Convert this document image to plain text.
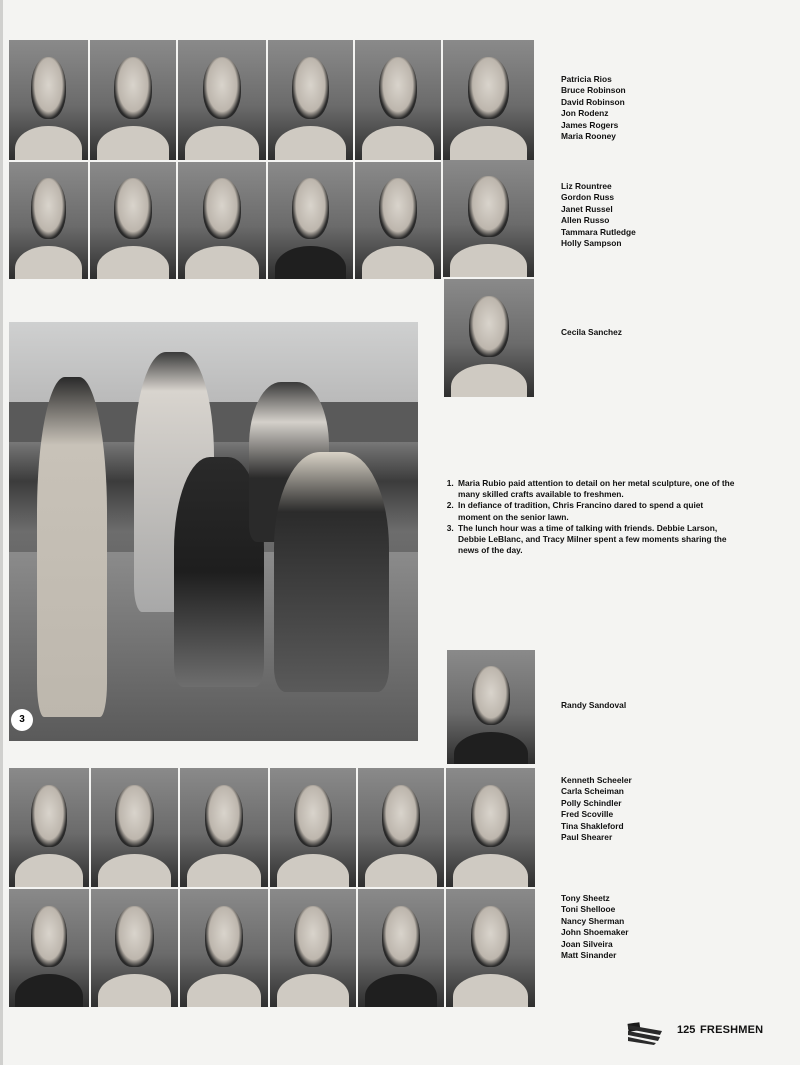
Patricia Rios
Bruce Robinson
David Robinson
Jon Rodenz
James Rogers
Maria Rooney
Liz Rountree
Gordon Russ
Janet Russel
Allen Russo
Tammara Rutledge
Holly Sampson
Cecila Sanchez
3
1. Maria Rubio paid attention to detail on her metal sculpture, one of the many skilled crafts available to freshmen.
2. In defiance of tradition, Chris Francino dared to spend a quiet moment on the senior lawn.
3. The lunch hour was a time of talking with friends. Debbie Larson, Debbie LeBlanc, and Tracy Milner spent a few moments sharing the news of the day.
Randy Sandoval
Kenneth Scheeler
Carla Scheiman
Polly Schindler
Fred Scoville
Tina Shakleford
Paul Shearer
Tony Sheetz
Toni Shellooe
Nancy Sherman
John Shoemaker
Joan Silveira
Matt Sinander
125 FRESHMEN
